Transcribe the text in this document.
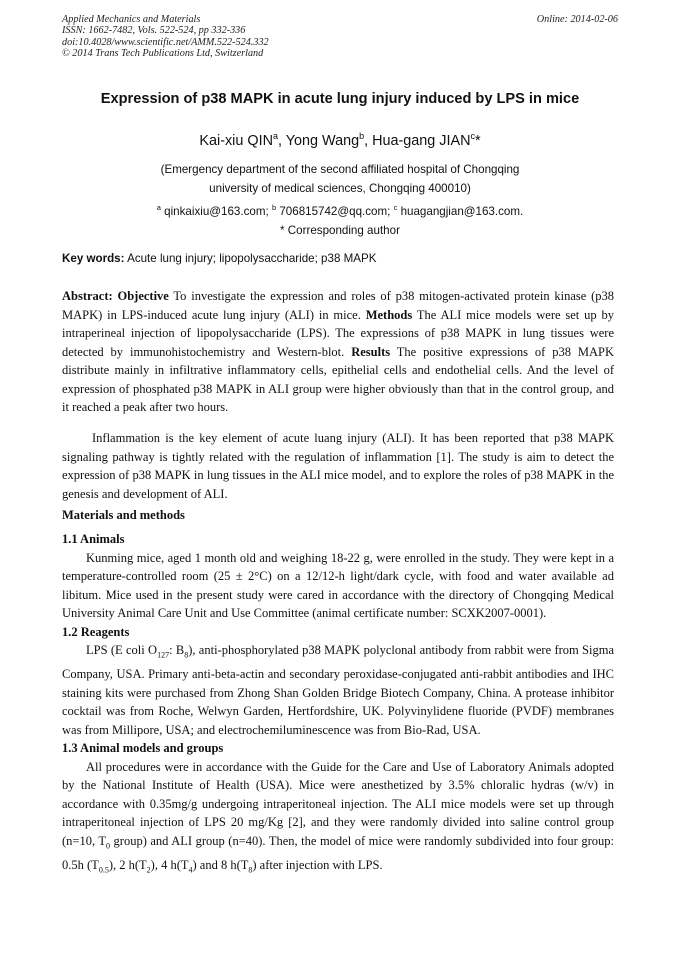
Applied Mechanics and Materials
ISSN: 1662-7482, Vols. 522-524, pp 332-336
doi:10.4028/www.scientific.net/AMM.522-524.332
© 2014 Trans Tech Publications Ltd, Switzerland
Online: 2014-02-06
Expression of p38 MAPK in acute lung injury induced by LPS in mice
Kai-xiu QIN$^a$, Yong Wang$^b$, Hua-gang JIAN$^c$*
(Emergency department of the second affiliated hospital of Chongqing
university of medical sciences, Chongqing 400010)
$^a$ qinkaixiu@163.com; $^b$ 706815742@qq.com; $^c$ huagangjian@163.com.
* Corresponding author
Key words: Acute lung injury; lipopolysaccharide; p38 MAPK
Abstract: Objective To investigate the expression and roles of p38 mitogen-activated protein kinase (p38 MAPK) in LPS-induced acute lung injury (ALI) in mice. Methods The ALI mice models were set up by intraperineal injection of lipopolysaccharide (LPS). The expressions of p38 MAPK in lung tissues were detected by immunohistochemistry and Western-blot. Results The positive expressions of p38 MAPK distribute mainly in infiltrative inflammatory cells, epithelial cells and endothelial cells. And the level of expression of phosphated p38 MAPK in ALI group were higher obviously than that in the control group, and it reached a peak after two hours.
Inflammation is the key element of acute luang injury (ALI). It has been reported that p38 MAPK signaling pathway is tightly related with the regulation of inflammation [1]. The study is aim to detect the expression of p38 MAPK in lung tissues in the ALI mice model, and to explore the roles of p38 MAPK in the genesis and development of ALI.
Materials and methods
1.1 Animals
Kunming mice, aged 1 month old and weighing 18-22 g, were enrolled in the study. They were kept in a temperature-controlled room (25 ± 2°C) on a 12/12-h light/dark cycle, with food and water available ad libitum. Mice used in the present study were cared in accordance with the directory of Chongqing Medical University Animal Care Unit and Use Committee (animal certificate number: SCXK2007-0001).
1.2 Reagents
LPS (E coli $O_{127}$: $B_8$), anti-phosphorylated p38 MAPK polyclonal antibody from rabbit were from Sigma Company, USA. Primary anti-beta-actin and secondary peroxidase-conjugated anti-rabbit antibodies and IHC staining kits were purchased from Zhong Shan Golden Bridge Biotech Company, China. A protease inhibitor cocktail was from Roche, Welwyn Garden, Hertfordshire, UK. Polyvinylidene fluoride (PVDF) membranes was from Millipore, USA; and electrochemiluminescence was from Bio-Rad, USA.
1.3 Animal models and groups
All procedures were in accordance with the Guide for the Care and Use of Laboratory Animals adopted by the National Institute of Health (USA). Mice were anesthetized by 3.5% chloralic hydras (w/v) in accordance with 0.35mg/g undergoing intraperitoneal injection. The ALI mice models were set up through intraperitoneal injection of LPS 20 mg/Kg [2], and they were randomly divided into saline control group (n=10, $T_0$ group) and ALI group (n=40). Then, the model of mice were randomly subdivided into four group: 0.5h $(T_{0.5})$, 2 $h(T_2)$, 4 $h(T_4)$ and 8 $h(T_8)$ after injection with LPS.
